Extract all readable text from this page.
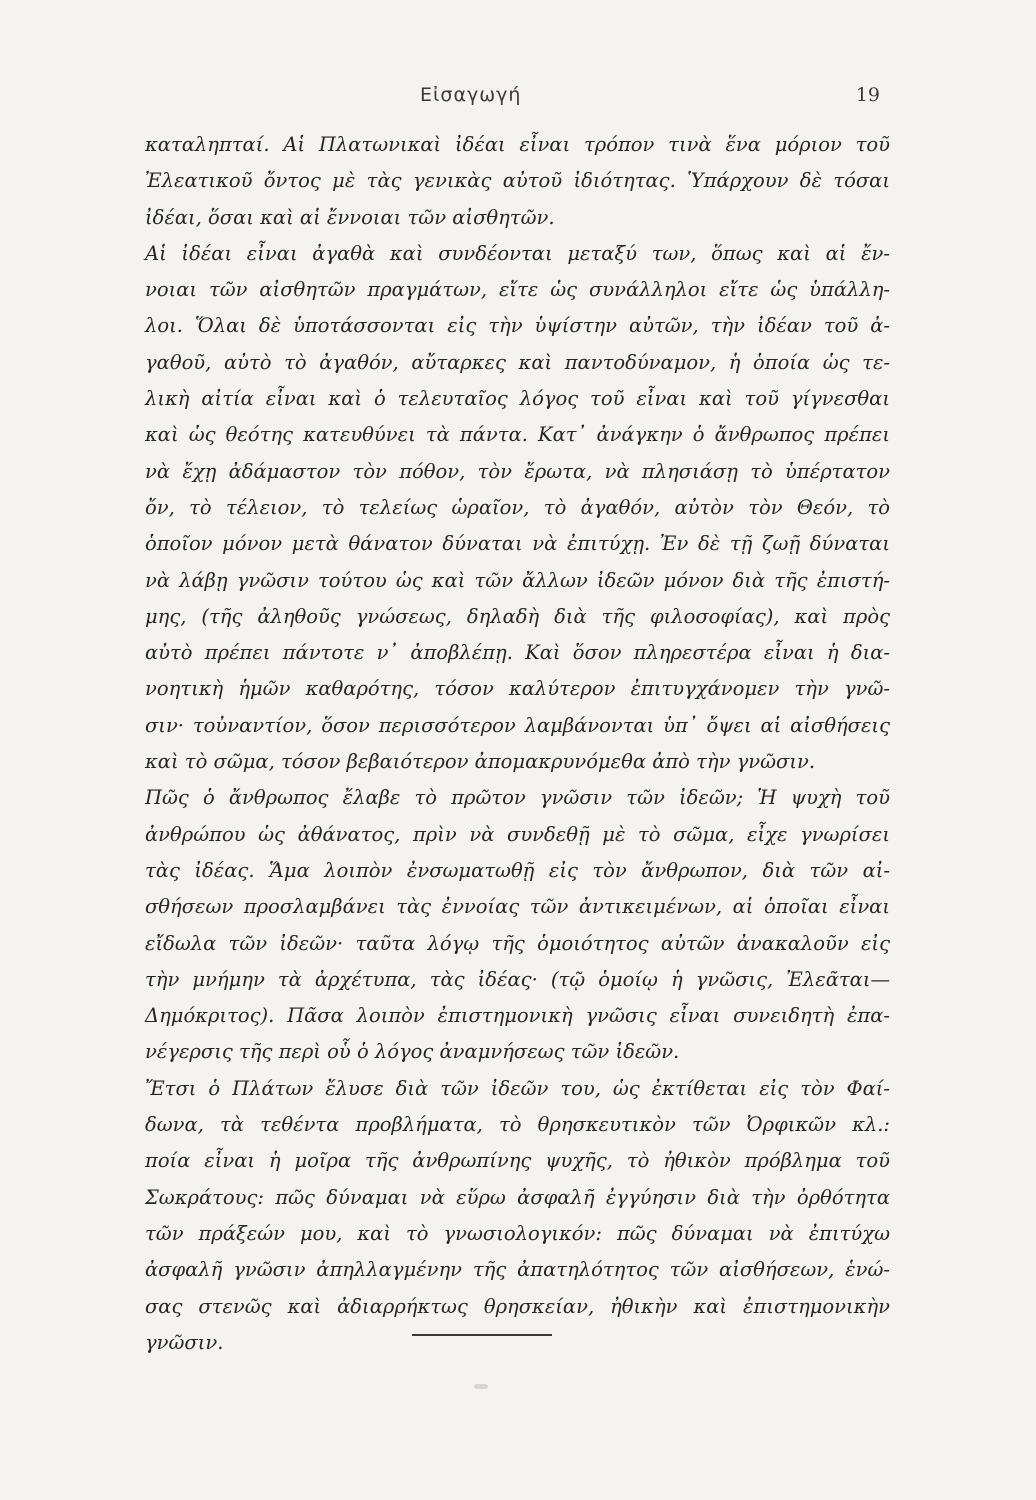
Εἰσαγωγή	19
καταληπταί. Αἱ Πλατωνικαὶ ἰδέαι εἶναι τρόπον τινὰ ἕνα μόριον τοῦ
Ἐλεατικοῦ ὄντος μὲ τὰς γενικὰς αὐτοῦ ἰδιότητας. Ὑπάρχουν δὲ τόσαι
ἰδέαι, ὅσαι καὶ αἱ ἔννοιαι τῶν αἰσθητῶν.
Αἱ ἰδέαι εἶναι ἀγαθὰ καὶ συνδέονται μεταξύ των, ὅπως καὶ αἱ ἔν-
νοιαι τῶν αἰσθητῶν πραγμάτων, εἴτε ὡς συνάλληλοι εἴτε ὡς ὑπάλλη-
λοι. Ὅλαι δὲ ὑποτάσσονται εἰς τὴν ὑψίστην αὐτῶν, τὴν ἰδέαν τοῦ ἀ-
γαθοῦ, αὐτὸ τὸ ἀγαθόν, αὔταρκες καὶ παντοδύναμον, ἡ ὁποία ὡς τε-
λικὴ αἰτία εἶναι καὶ ὁ τελευταῖος λόγος τοῦ εἶναι καὶ τοῦ γίγνεσθαι
καὶ ὡς θεότης κατευθύνει τὰ πάντα. Κατ᾽ ἀνάγκην ὁ ἄνθρωπος πρέπει
νὰ ἔχῃ ἀδάμαστον τὸν πόθον, τὸν ἔρωτα, νὰ πλησιάσῃ τὸ ὑπέρτατον
ὄν, τὸ τέλειον, τὸ τελείως ὡραῖον, τὸ ἀγαθόν, αὐτὸν τὸν Θεόν, τὸ
ὁποῖον μόνον μετὰ θάνατον δύναται νὰ ἐπιτύχῃ. Ἐν δὲ τῇ ζωῇ δύναται
νὰ λάβῃ γνῶσιν τούτου ὡς καὶ τῶν ἄλλων ἰδεῶν μόνον διὰ τῆς ἐπιστή-
μης, (τῆς ἀληθοῦς γνώσεως, δηλαδὴ διὰ τῆς φιλοσοφίας), καὶ πρὸς
αὐτὸ πρέπει πάντοτε ν᾽ ἀποβλέπῃ. Καὶ ὅσον πληρεστέρα εἶναι ἡ δια-
νοητικὴ ἡμῶν καθαρότης, τόσον καλύτερον ἐπιτυγχάνομεν τὴν γνῶ-
σιν· τοὐναντίον, ὅσον περισσότερον λαμβάνονται ὑπ᾽ ὄψει αἱ αἰσθήσεις
καὶ τὸ σῶμα, τόσον βεβαιότερον ἀπομακρυνόμεθα ἀπὸ τὴν γνῶσιν.
Πῶς ὁ ἄνθρωπος ἔλαβε τὸ πρῶτον γνῶσιν τῶν ἰδεῶν; Ἡ ψυχὴ τοῦ
ἀνθρώπου ὡς ἀθάνατος, πρὶν νὰ συνδεθῇ μὲ τὸ σῶμα, εἶχε γνωρίσει
τὰς ἰδέας. Ἅμα λοιπὸν ἐνσωματωθῇ εἰς τὸν ἄνθρωπον, διὰ τῶν αἰ-
σθήσεων προσλαμβάνει τὰς ἐννοίας τῶν ἀντικειμένων, αἱ ὁποῖαι εἶναι
εἴδωλα τῶν ἰδεῶν· ταῦτα λόγῳ τῆς ὁμοιότητος αὐτῶν ἀνακαλοῦν εἰς
τὴν μνήμην τὰ ἀρχέτυπα, τὰς ἰδέας· (τῷ ὁμοίῳ ἡ γνῶσις, Ἐλεᾶται—
Δημόκριτος). Πᾶσα λοιπὸν ἐπιστημονικὴ γνῶσις εἶναι συνειδητὴ ἐπα-
νέγερσις τῆς περὶ οὗ ὁ λόγος ἀναμνήσεως τῶν ἰδεῶν.
Ἔτσι ὁ Πλάτων ἔλυσε διὰ τῶν ἰδεῶν του, ὡς ἐκτίθεται εἰς τὸν Φαί-
δωνα, τὰ τεθέντα προβλήματα, τὸ θρησκευτικὸν τῶν Ὀρφικῶν κλ.:
ποία εἶναι ἡ μοῖρα τῆς ἀνθρωπίνης ψυχῆς, τὸ ἠθικὸν πρόβλημα τοῦ
Σωκράτους: πῶς δύναμαι νὰ εὕρω ἀσφαλῆ ἐγγύησιν διὰ τὴν ὀρθότητα
τῶν πράξεών μου, καὶ τὸ γνωσιολογικόν: πῶς δύναμαι νὰ ἐπιτύχω
ἀσφαλῆ γνῶσιν ἀπηλλαγμένην τῆς ἀπατηλότητος τῶν αἰσθήσεων, ἑνώ-
σας στενῶς καὶ ἀδιαρρήκτως θρησκείαν, ἠθικὴν καὶ ἐπιστημονικὴν
γνῶσιν.
